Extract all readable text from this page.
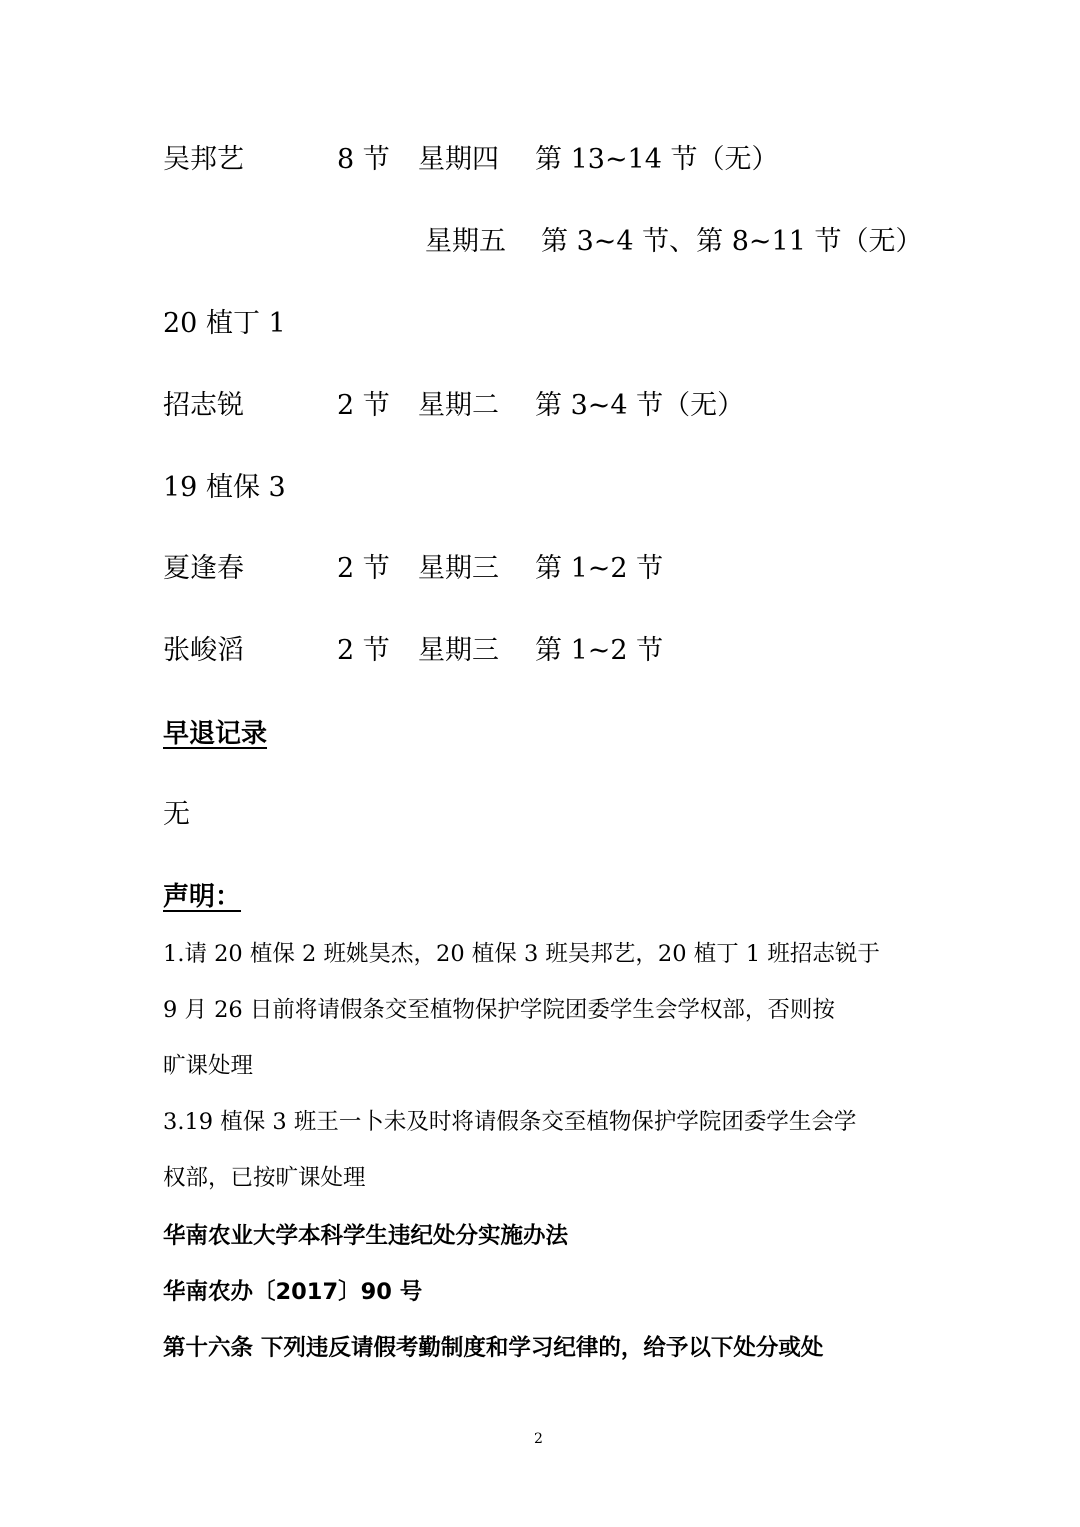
吴邦艺	8 节 星期四 第 13~14 节（无）
星期五 第 3~4 节、第 8~11 节（无）
20 植丁 1
招志锐	2 节 星期二 第 3~4 节（无）
19 植保 3
夏逢春	2 节 星期三 第 1~2 节
张峻滔	2 节 星期三 第 1~2 节
早退记录
无
声明：
1.请 20 植保 2 班姚昊杰，20 植保 3 班吴邦艺，20 植丁 1 班招志锐于
9 月 26 日前将请假条交至植物保护学院团委学生会学权部，否则按
旷课处理
3.19 植保 3 班王一卜未及时将请假条交至植物保护学院团委学生会学
权部，已按旷课处理
华南农业大学本科学生违纪处分实施办法
华南农办〔2017〕90 号
第十六条 下列违反请假考勤制度和学习纪律的，给予以下处分或处
2
